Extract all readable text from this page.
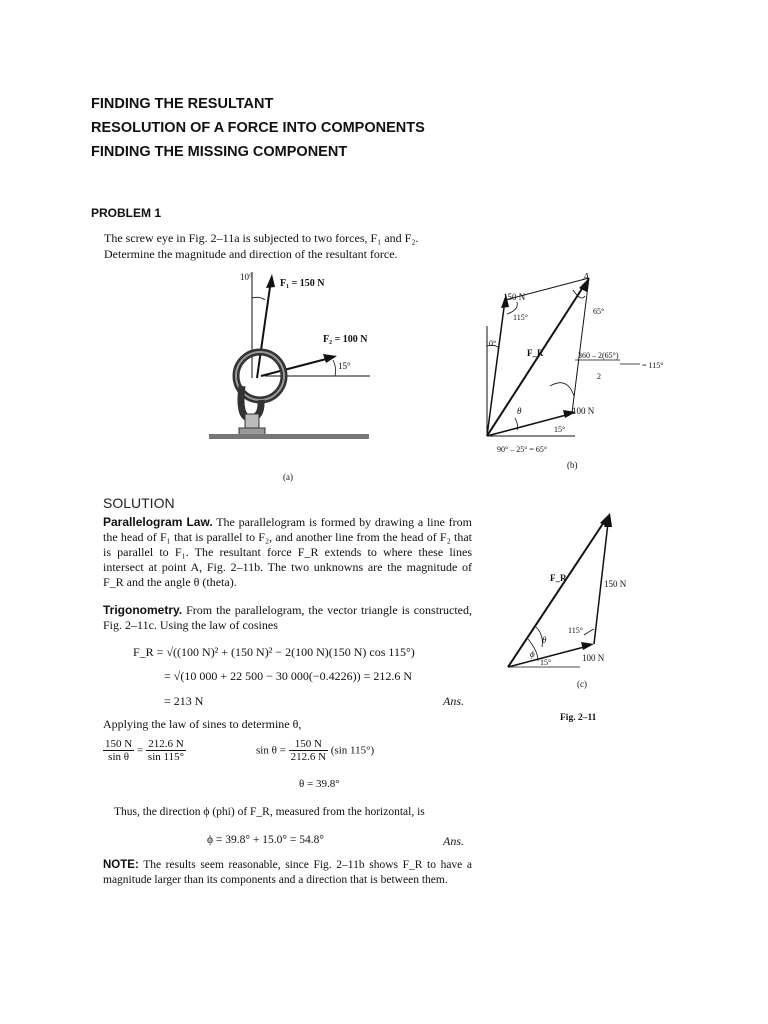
FINDING THE RESULTANT
RESOLUTION OF A FORCE INTO COMPONENTS
FINDING THE MISSING COMPONENT
PROBLEM 1
The screw eye in Fig. 2–11a is subjected to two forces, F₁ and F₂.
Determine the magnitude and direction of the resultant force.
10°
F₁ = 150 N
F₂ = 100 N
15°
(a)
A
150 N
115°
65°
10°
F_R	360 – 2(65°)
2
= 115°
θ	100 N
15°
90° – 25° = 65°
(b)
F_R
150 N
115°
θ
ϕ
15°	100 N
(c)
Fig. 2–11
SOLUTION
Parallelogram Law. The parallelogram is formed by drawing a line from the head of F₁ that is parallel to F₂, and another line from the head of F₂ that is parallel to F₁. The resultant force F_R extends to where these lines intersect at point A, Fig. 2–11b. The two unknowns are the magnitude of F_R and the angle θ (theta).
Trigonometry. From the parallelogram, the vector triangle is constructed, Fig. 2–11c. Using the law of cosines
F_R = √((100 N)² + (150 N)² − 2(100 N)(150 N) cos 115°)
= √(10 000 + 22 500 − 30 000(−0.4226)) = 212.6 N
= 213 N	Ans.
Applying the law of sines to determine θ,
$\frac{150 N}{\text{sin θ}} = \frac{212.6 N}{\sin 115^\circ}$	$\sin \theta = \frac{150 N}{212.6 N} (\sin$ 115°)
θ = 39.8°
Thus, the direction ϕ (phi) of F_R, measured from the horizontal, is
ϕ = 39.8° + 15.0° = 54.8°	Ans.
NOTE: The results seem reasonable, since Fig. 2–11b shows F_R to have a magnitude larger than its components and a direction that is between them.
